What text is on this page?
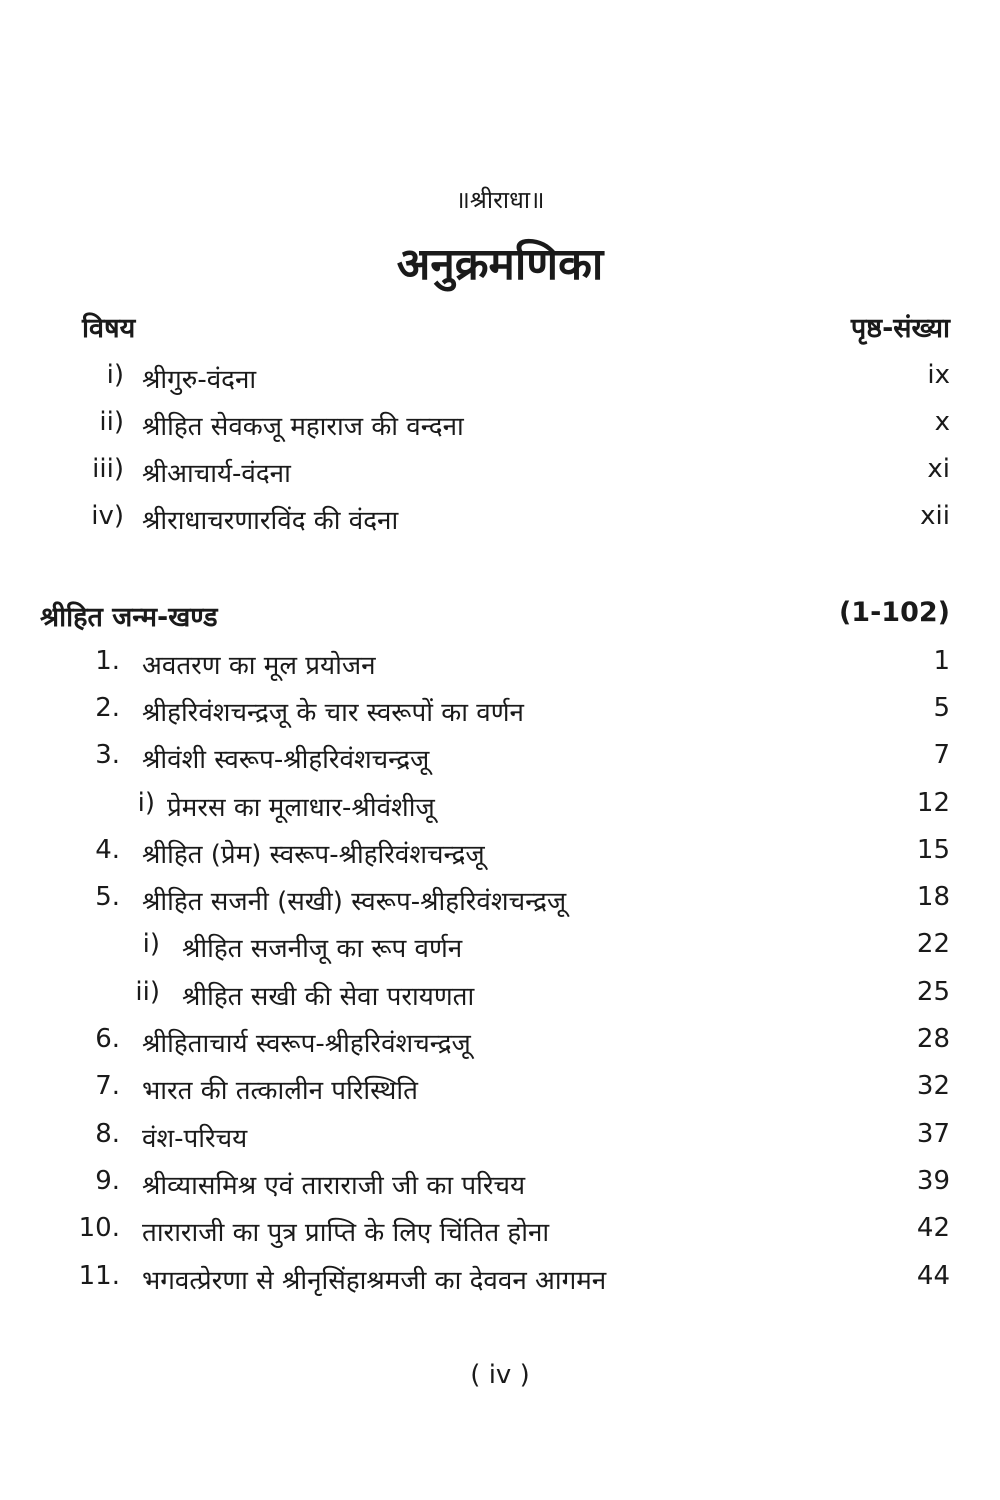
॥श्रीराधा॥
अनुक्रमणिका
विषय	पृष्ठ-संख्या
i) श्रीगुरु-वंदना	ix
ii) श्रीहित सेवकजू महाराज की वन्दना	x
iii) श्रीआचार्य-वंदना	xi
iv) श्रीराधाचरणारविंद की वंदना	xii
श्रीहित जन्म-खण्ड	(1-102)
1. अवतरण का मूल प्रयोजन	1
2. श्रीहरिवंशचन्द्रजू के चार स्वरूपों का वर्णन	5
3. श्रीवंशी स्वरूप-श्रीहरिवंशचन्द्रजू	7
i) प्रेमरस का मूलाधार-श्रीवंशीजू	12
4. श्रीहित (प्रेम) स्वरूप-श्रीहरिवंशचन्द्रजू	15
5. श्रीहित सजनी (सखी) स्वरूप-श्रीहरिवंशचन्द्रजू	18
i) श्रीहित सजनीजू का रूप वर्णन	22
ii) श्रीहित सखी की सेवा परायणता	25
6. श्रीहिताचार्य स्वरूप-श्रीहरिवंशचन्द्रजू	28
7. भारत की तत्कालीन परिस्थिति	32
8. वंश-परिचय	37
9. श्रीव्यासमिश्र एवं ताराराजी जी का परिचय	39
10. ताराराजी का पुत्र प्राप्ति के लिए चिंतित होना	42
11. भगवत्प्रेरणा से श्रीनृसिंहाश्रमजी का देववन आगमन	44
( iv )
